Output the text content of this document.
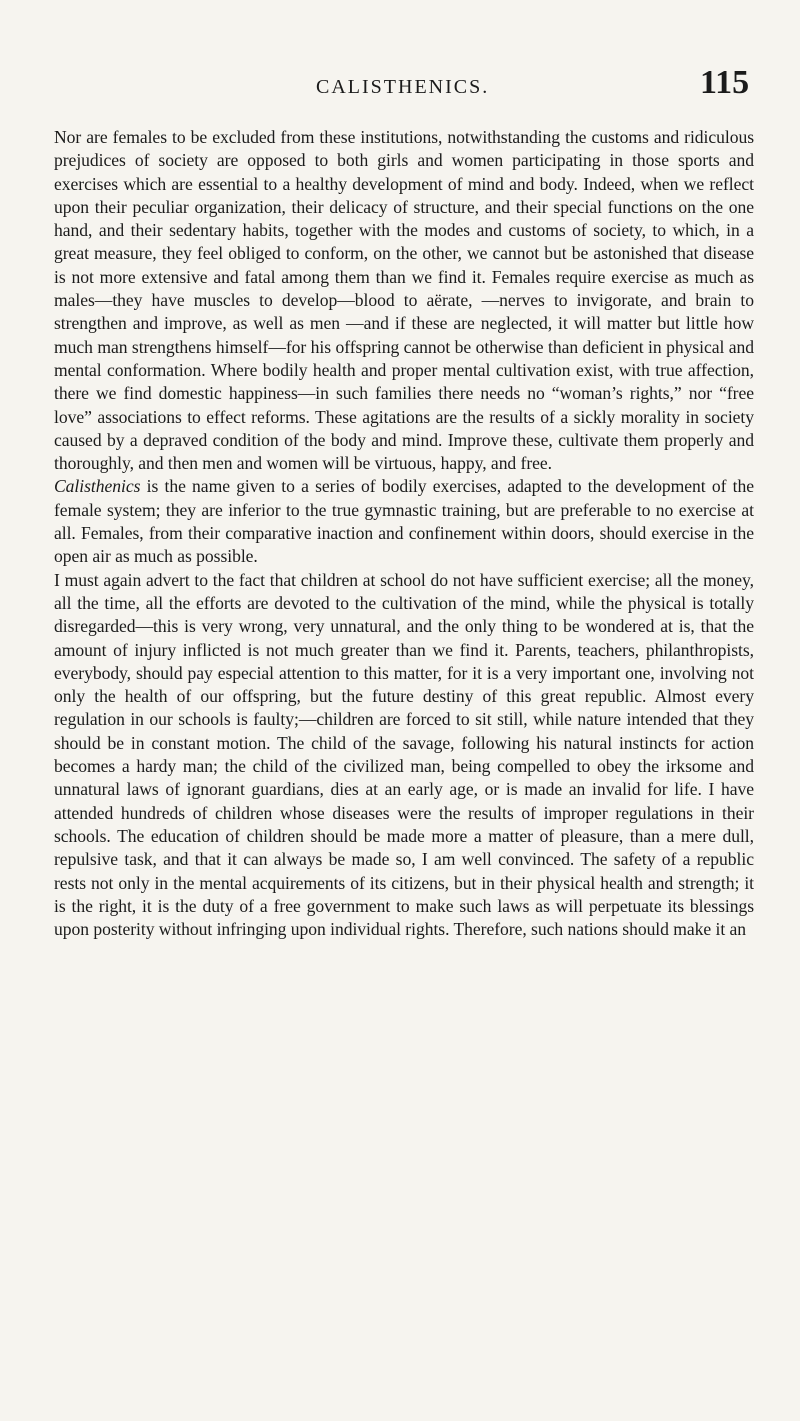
CALISTHENICS.	115

Nor are females to be excluded from these institutions, notwithstanding the customs and ridiculous prejudices of society are opposed to both girls and women participating in those sports and exercises which are essential to a healthy development of mind and body. Indeed, when we reflect upon their peculiar organization, their delicacy of structure, and their special functions on the one hand, and their sedentary habits, together with the modes and customs of society, to which, in a great measure, they feel obliged to conform, on the other, we cannot but be astonished that disease is not more extensive and fatal among them than we find it. Females require exercise as much as males—they have muscles to develop—blood to aërate, —nerves to invigorate, and brain to strengthen and improve, as well as men —and if these are neglected, it will matter but little how much man strengthens himself—for his offspring cannot be otherwise than deficient in physical and mental conformation. Where bodily health and proper mental cultivation exist, with true affection, there we find domestic happiness—in such families there needs no “woman’s rights,” nor “free love” associations to effect reforms. These agitations are the results of a sickly morality in society caused by a depraved condition of the body and mind. Improve these, cultivate them properly and thoroughly, and then men and women will be virtuous, happy, and free.

Calisthenics is the name given to a series of bodily exercises, adapted to the development of the female system; they are inferior to the true gymnastic training, but are preferable to no exercise at all. Females, from their comparative inaction and confinement within doors, should exercise in the open air as much as possible.

I must again advert to the fact that children at school do not have sufficient exercise; all the money, all the time, all the efforts are devoted to the cultivation of the mind, while the physical is totally disregarded—this is very wrong, very unnatural, and the only thing to be wondered at is, that the amount of injury inflicted is not much greater than we find it. Parents, teachers, philanthropists, everybody, should pay especial attention to this matter, for it is a very important one, involving not only the health of our offspring, but the future destiny of this great republic. Almost every regulation in our schools is faulty;—children are forced to sit still, while nature intended that they should be in constant motion. The child of the savage, following his natural instincts for action becomes a hardy man; the child of the civilized man, being compelled to obey the irksome and unnatural laws of ignorant guardians, dies at an early age, or is made an invalid for life. I have attended hundreds of children whose diseases were the results of improper regulations in their schools. The education of children should be made more a matter of pleasure, than a mere dull, repulsive task, and that it can always be made so, I am well convinced. The safety of a republic rests not only in the mental acquirements of its citizens, but in their physical health and strength; it is the right, it is the duty of a free government to make such laws as will perpetuate its blessings upon posterity without infringing upon individual rights. Therefore, such nations should make it an
